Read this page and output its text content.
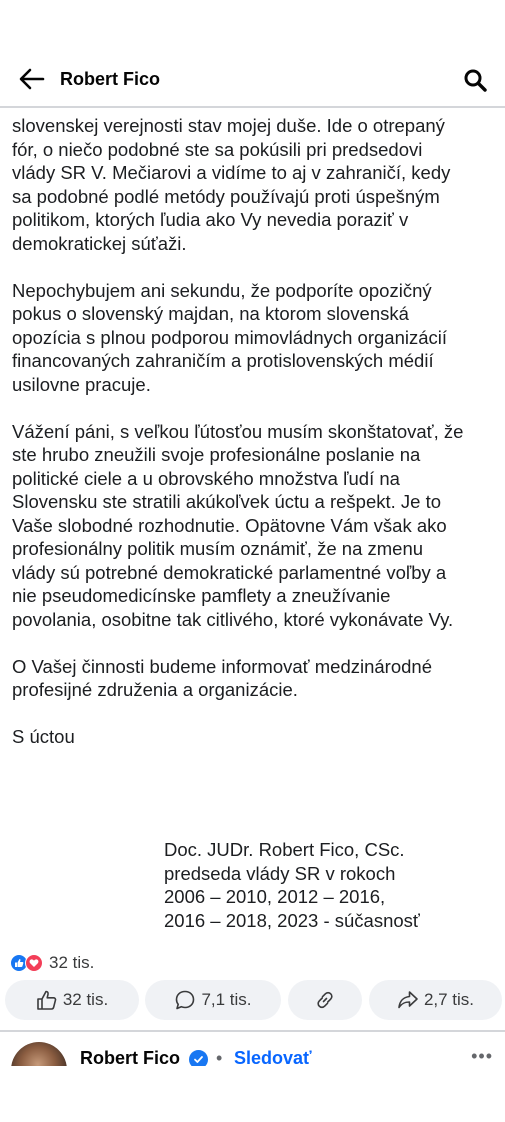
Robert Fico

slovenskej verejnosti stav mojej duše. Ide o otrepaný
fór, o niečo podobné ste sa pokúsili pri predsedovi
vlády SR V. Mečiarovi a vidíme to aj v zahraničí, kedy
sa podobné podlé metódy používajú proti úspešným
politikom, ktorých ľudia ako Vy nevedia poraziť v
demokratickej súťaži.

Nepochybujem ani sekundu, že podporíte opozičný
pokus o slovenský majdan, na ktorom slovenská
opozícia s plnou podporou mimovládnych organizácií
financovaných zahraničím a protislovenských médií
usilovne pracuje.

Vážení páni, s veľkou ľútosťou musím skonštatovať, že
ste hrubo zneužili svoje profesionálne poslanie na
politické ciele a u obrovského množstva ľudí na
Slovensku ste stratili akúkoľvek úctu a rešpekt. Je to
Vaše slobodné rozhodnutie. Opätovne Vám však ako
profesionálny politik musím oznámiť, že na zmenu
vlády sú potrebné demokratické parlamentné voľby a
nie pseudomedicínske pamflety a zneužívanie
povolania, osobitne tak citlivého, ktoré vykonávate Vy.

O Vašej činnosti budeme informovať medzinárodné
profesijné združenia a organizácie.

S úctou

Doc. JUDr. Robert Fico, CSc.
predseda vlády SR v rokoch
2006 – 2010, 2012 – 2016,
2016 – 2018, 2023 - súčasnosť
32 tis.
32 tis.	7,1 tis.	2,7 tis.
Robert Fico • Sledovať	•••
